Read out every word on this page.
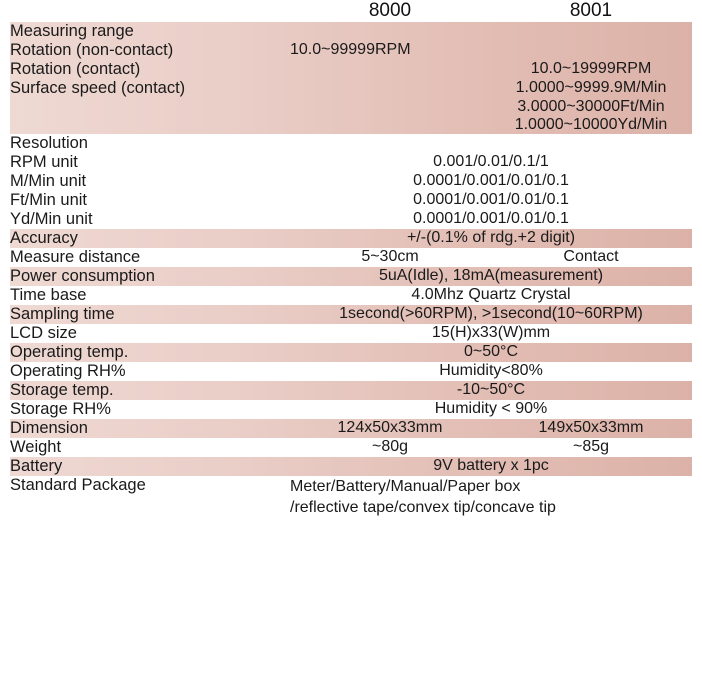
	8000	8001
Measuring range		
Rotation (non-contact)	10.0~99999RPM	
Rotation (contact)		10.0~19999RPM
Surface speed (contact)		1.0000~9999.9M/Min
		3.0000~30000Ft/Min
		1.0000~10000Yd/Min
Resolution		
RPM unit	0.001/0.01/0.1/1	
M/Min unit	0.0001/0.001/0.01/0.1	
Ft/Min unit	0.0001/0.001/0.01/0.1	
Yd/Min unit	0.0001/0.001/0.01/0.1	
Accuracy	+/-(0.1% of rdg.+2 digit)	
Measure distance	5~30cm	Contact
Power consumption	5uA(Idle), 18mA(measurement)	
Time base	4.0Mhz Quartz Crystal	
Sampling time	1second(>60RPM), >1second(10~60RPM)	
LCD size	15(H)x33(W)mm	
Operating temp.	0~50°C	
Operating RH%	Humidity<80%	
Storage temp.	-10~50°C	
Storage RH%	Humidity < 90%	
Dimension	124x50x33mm	149x50x33mm
Weight	~80g	~85g
Battery	9V battery x 1pc	
Standard Package	Meter/Battery/Manual/Paper box
/reflective tape/convex tip/concave tip	
